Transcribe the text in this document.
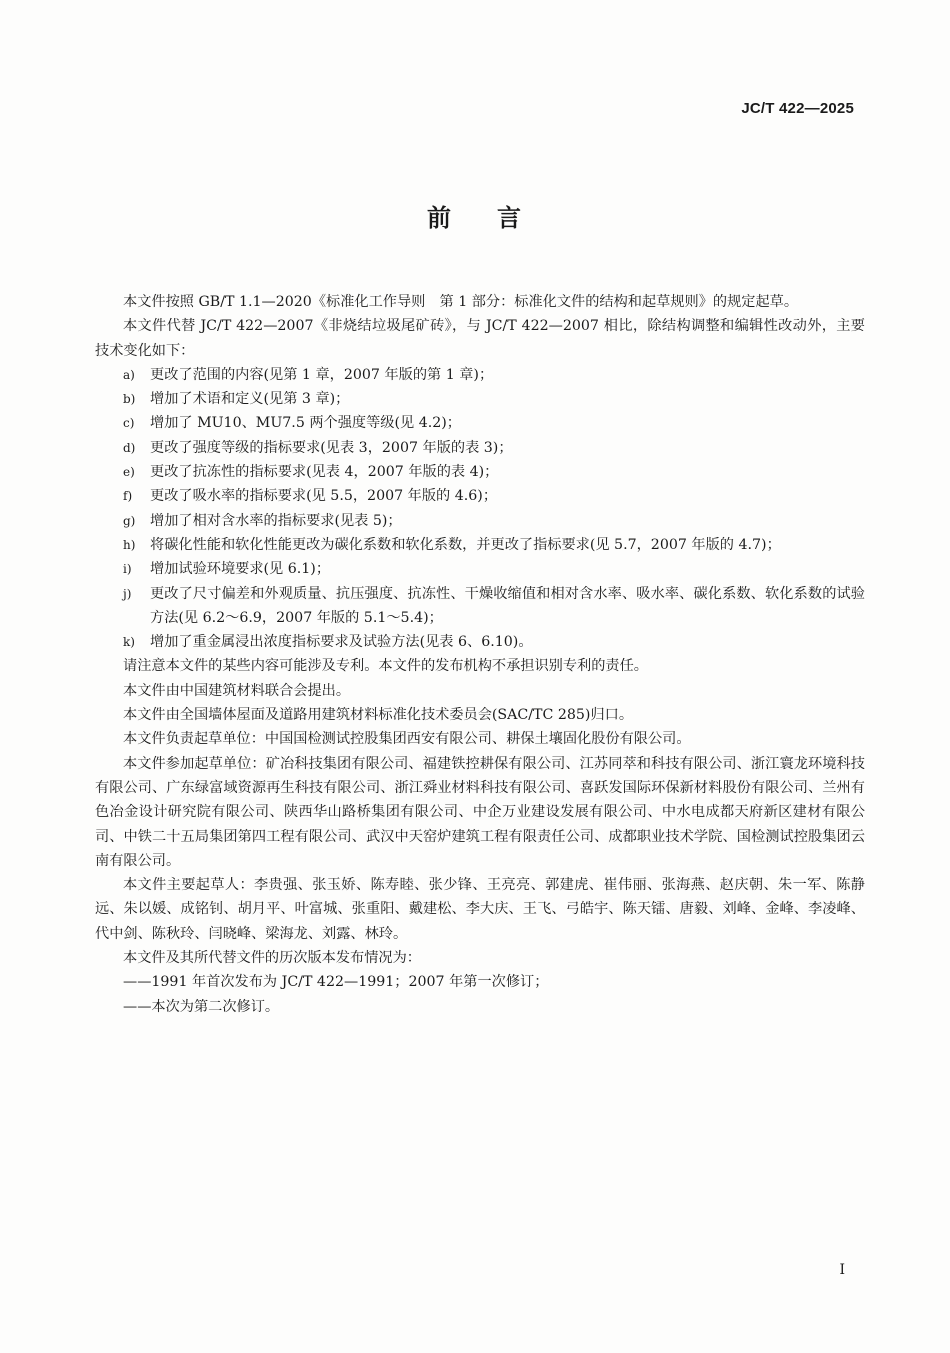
JC/T 422—2025
前 言

本文件按照 GB/T 1.1—2020《标准化工作导则　第 1 部分：标准化文件的结构和起草规则》的规定起草。

本文件代替 JC/T 422—2007《非烧结垃圾尾矿砖》，与 JC/T 422—2007 相比，除结构调整和编辑性改动外，主要技术变化如下：

a)	更改了范围的内容(见第 1 章，2007 年版的第 1 章)；
b)	增加了术语和定义(见第 3 章)；
c)	增加了 MU10、MU7.5 两个强度等级(见 4.2)；
d)	更改了强度等级的指标要求(见表 3，2007 年版的表 3)；
e)	更改了抗冻性的指标要求(见表 4，2007 年版的表 4)；
f)	更改了吸水率的指标要求(见 5.5，2007 年版的 4.6)；
g)	增加了相对含水率的指标要求(见表 5)；
h)	将碳化性能和软化性能更改为碳化系数和软化系数，并更改了指标要求(见 5.7，2007 年版的 4.7)；
i)	增加试验环境要求(见 6.1)；
j)	更改了尺寸偏差和外观质量、抗压强度、抗冻性、干燥收缩值和相对含水率、吸水率、碳化系数、软化系数的试验方法(见 6.2～6.9，2007 年版的 5.1～5.4)；
k)	增加了重金属浸出浓度指标要求及试验方法(见表 6、6.10)。

请注意本文件的某些内容可能涉及专利。本文件的发布机构不承担识别专利的责任。

本文件由中国建筑材料联合会提出。

本文件由全国墙体屋面及道路用建筑材料标准化技术委员会(SAC/TC 285)归口。

本文件负责起草单位：中国国检测试控股集团西安有限公司、耕保土壤固化股份有限公司。

本文件参加起草单位：矿冶科技集团有限公司、福建铁控耕保有限公司、江苏同萃和科技有限公司、浙江寰龙环境科技有限公司、广东绿富域资源再生科技有限公司、浙江舜业材料科技有限公司、喜跃发国际环保新材料股份有限公司、兰州有色冶金设计研究院有限公司、陕西华山路桥集团有限公司、中企万业建设发展有限公司、中水电成都天府新区建材有限公司、中铁二十五局集团第四工程有限公司、武汉中天窑炉建筑工程有限责任公司、成都职业技术学院、国检测试控股集团云南有限公司。

本文件主要起草人：李贵强、张玉娇、陈寿睦、张少锋、王亮亮、郭建虎、崔伟丽、张海燕、赵庆朝、朱一军、陈静远、朱以媛、成铭钊、胡月平、叶富城、张重阳、戴建松、李大庆、王飞、弓皓宇、陈天镭、唐毅、刘峰、金峰、李凌峰、代中剑、陈秋玲、闫晓峰、梁海龙、刘露、林玲。

本文件及其所代替文件的历次版本发布情况为：

——1991 年首次发布为 JC/T 422—1991；2007 年第一次修订；

——本次为第二次修订。

I
